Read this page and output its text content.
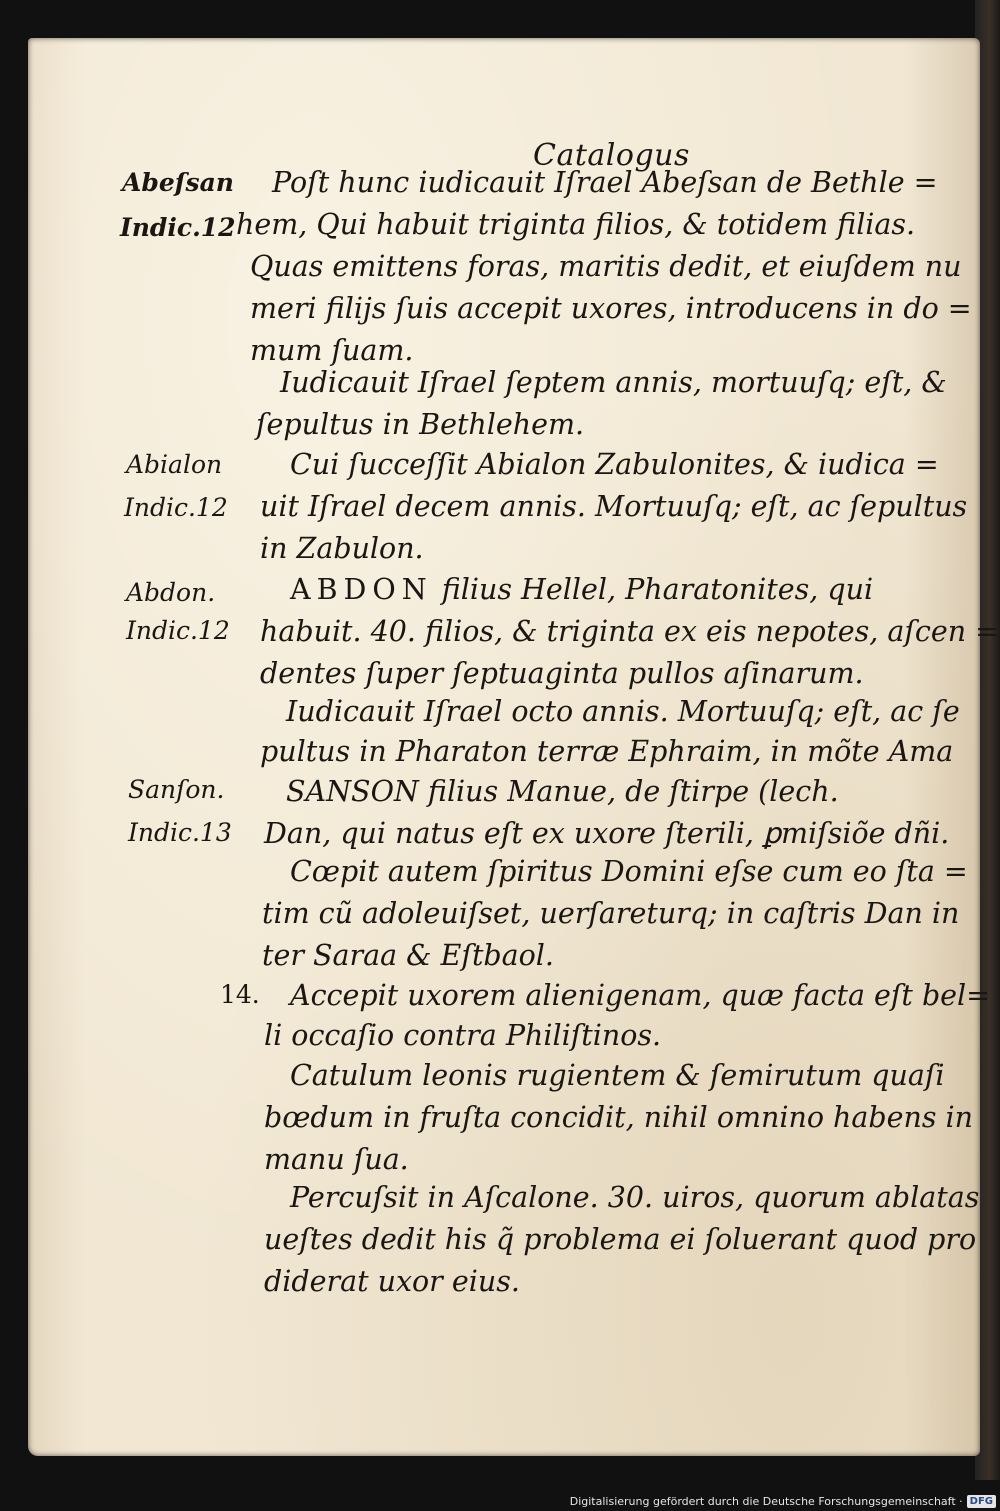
Catalogus
Abeſsan
Indic.12
Abialon
Indic.12
Abdon.
Indic.12
Sanſon.
Indic.13
14.
Poſt hunc iudicauit Iſrael Abeſsan de Bethle =
hem, Qui habuit triginta filios, & totidem filias.
Quas emittens foras, maritis dedit, et eiuſdem nu
meri filijs ſuis accepit uxores, introducens in do =
mum ſuam.
Iudicauit Iſrael ſeptem annis, mortuuſq; eſt, &
ſepultus in Bethlehem.
Cui ſucceſſit Abialon Zabulonites, & iudica =
uit Iſrael decem annis. Mortuuſq; eſt, ac ſepultus
in Zabulon.
ABDON filius Hellel, Pharatonites, qui
habuit. 40. filios, & triginta ex eis nepotes, aſcen =
dentes ſuper ſeptuaginta pullos aſinarum.
Iudicauit Iſrael octo annis. Mortuuſq; eſt, ac ſe
pultus in Pharaton terræ Ephraim, in mõte Ama
SANSON filius Manue, de ſtirpe (lech.
Dan, qui natus eſt ex uxore ſterili, ꝑmiſsiõe dñi.
Cœpit autem ſpiritus Domini eſse cum eo ſta =
tim cũ adoleuiſset, uerſareturq; in caſtris Dan in
ter Saraa & Eſtbaol.
Accepit uxorem alienigenam, quæ facta eſt bel=
li occaſio contra Philiſtinos.
Catulum leonis rugientem & ſemirutum quaſi
bœdum in fruſta concidit, nihil omnino habens in
manu ſua.
Percuſsit in Aſcalone. 30. uiros, quorum ablatas
ueſtes dedit his q̃ problema ei ſoluerant quod pro
diderat uxor eius.
Digitalisierung gefördert durch die Deutsche Forschungsgemeinschaft · DFG
